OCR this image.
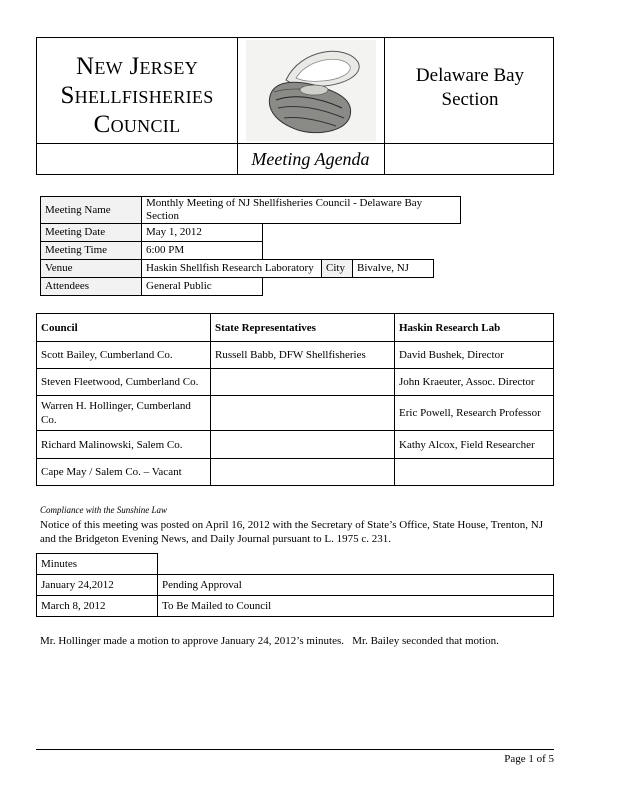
New Jersey
Shellfisheries
Council
Delaware Bay
Section
Meeting Agenda
Meeting Name	Monthly Meeting of NJ Shellfisheries Council - Delaware Bay Section
Meeting Date	May 1, 2012
Meeting Time	6:00 PM
Venue	Haskin Shellfish Research Laboratory	City	Bivalve, NJ
Attendees	General Public
Council	State Representatives	Haskin Research Lab
Scott Bailey, Cumberland Co.	Russell Babb, DFW Shellfisheries	David Bushek, Director
Steven Fleetwood, Cumberland Co.		John Kraeuter, Assoc. Director
Warren H. Hollinger, Cumberland Co.		Eric Powell, Research Professor
Richard Malinowski, Salem Co.		Kathy Alcox, Field Researcher
Cape May / Salem Co. – Vacant		
Compliance with the Sunshine Law
Notice of this meeting was posted on April 16, 2012 with the Secretary of State’s Office, State House, Trenton, NJ and the Bridgeton Evening News, and Daily Journal pursuant to L. 1975 c. 231.
Minutes
January 24,2012	Pending Approval
March 8, 2012	To Be Mailed to Council
Mr. Hollinger made a motion to approve January 24, 2012’s minutes.   Mr. Bailey seconded that motion.
Page 1 of 5
